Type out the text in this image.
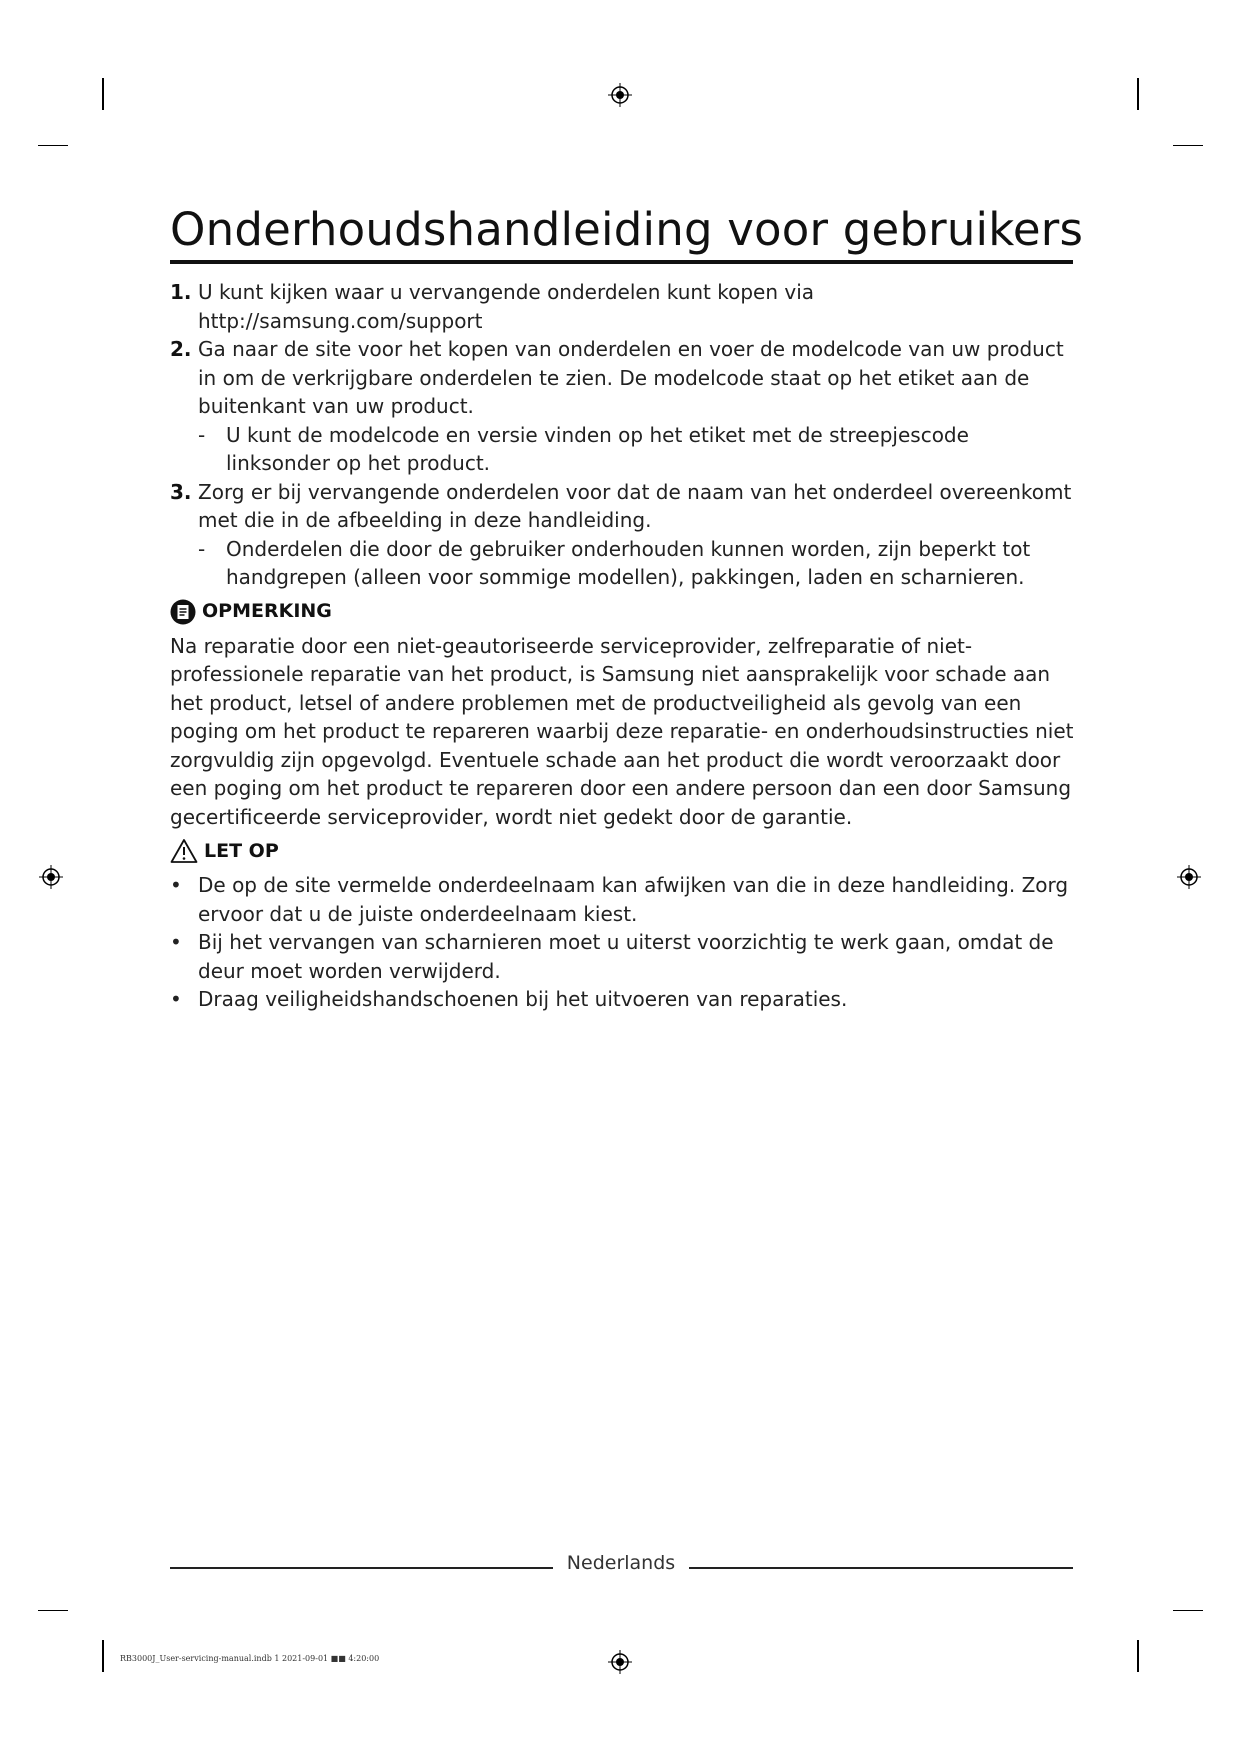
Onderhoudshandleiding voor gebruikers
1. U kunt kijken waar u vervangende onderdelen kunt kopen via http://samsung.com/support
2. Ga naar de site voor het kopen van onderdelen en voer de modelcode van uw product in om de verkrijgbare onderdelen te zien. De modelcode staat op het etiket aan de buitenkant van uw product.
- U kunt de modelcode en versie vinden op het etiket met de streepjescode linksonder op het product.
3. Zorg er bij vervangende onderdelen voor dat de naam van het onderdeel overeenkomt met die in de afbeelding in deze handleiding.
- Onderdelen die door de gebruiker onderhouden kunnen worden, zijn beperkt tot handgrepen (alleen voor sommige modellen), pakkingen, laden en scharnieren.
OPMERKING
Na reparatie door een niet-geautoriseerde serviceprovider, zelfreparatie of niet-professionele reparatie van het product, is Samsung niet aansprakelijk voor schade aan het product, letsel of andere problemen met de productveiligheid als gevolg van een poging om het product te repareren waarbij deze reparatie- en onderhoudsinstructies niet zorgvuldig zijn opgevolgd. Eventuele schade aan het product die wordt veroorzaakt door een poging om het product te repareren door een andere persoon dan een door Samsung gecertificeerde serviceprovider, wordt niet gedekt door de garantie.
LET OP
• De op de site vermelde onderdeelnaam kan afwijken van die in deze handleiding. Zorg ervoor dat u de juiste onderdeelnaam kiest.
• Bij het vervangen van scharnieren moet u uiterst voorzichtig te werk gaan, omdat de deur moet worden verwijderd.
• Draag veiligheidshandschoenen bij het uitvoeren van reparaties.
Nederlands
RB3000J_User-servicing-manual.indb 1 2021-09-01 ■■ 4:20:00
